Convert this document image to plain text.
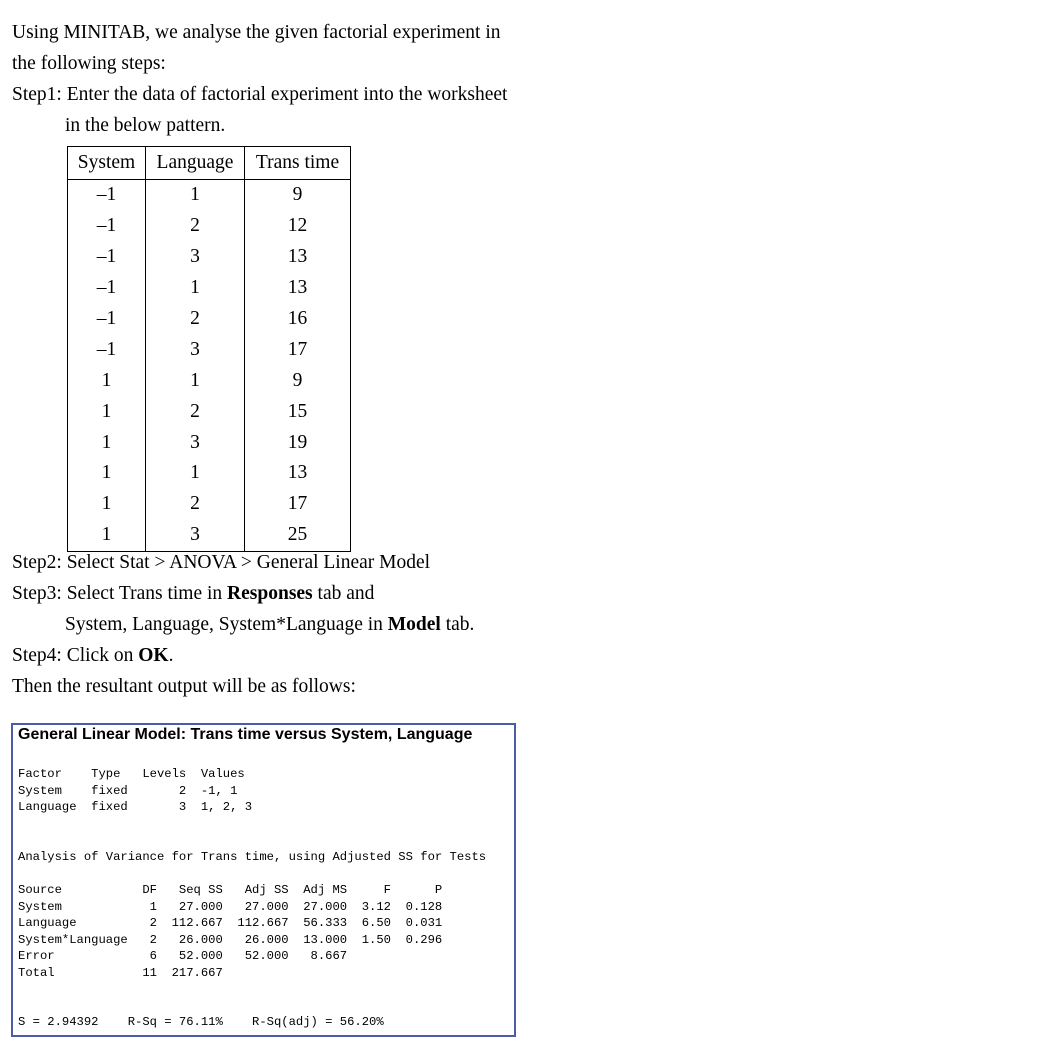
Using MINITAB, we analyse the given factorial experiment in
the following steps:
Step1: Enter the data of factorial experiment into the worksheet
in the below pattern.
System	Language	Trans time
–1	1	9
–1	2	12
–1	3	13
–1	1	13
–1	2	16
–1	3	17
1	1	9
1	2	15
1	3	19
1	1	13
1	2	17
1	3	25
Step2: Select Stat > ANOVA > General Linear Model
Step3: Select Trans time in Responses tab and
System, Language, System*Language in Model tab.
Step4: Click on OK.
Then the resultant output will be as follows:
General Linear Model: Trans time versus System, Language
Factor    Type   Levels  Values
System    fixed       2  -1, 1
Language  fixed       3  1, 2, 3
Analysis of Variance for Trans time, using Adjusted SS for Tests
Source           DF   Seq SS   Adj SS  Adj MS     F      P
System            1   27.000   27.000  27.000  3.12  0.128
Language          2  112.667  112.667  56.333  6.50  0.031
System*Language   2   26.000   26.000  13.000  1.50  0.296
Error             6   52.000   52.000   8.667
Total            11  217.667
S = 2.94392    R-Sq = 76.11%    R-Sq(adj) = 56.20%
